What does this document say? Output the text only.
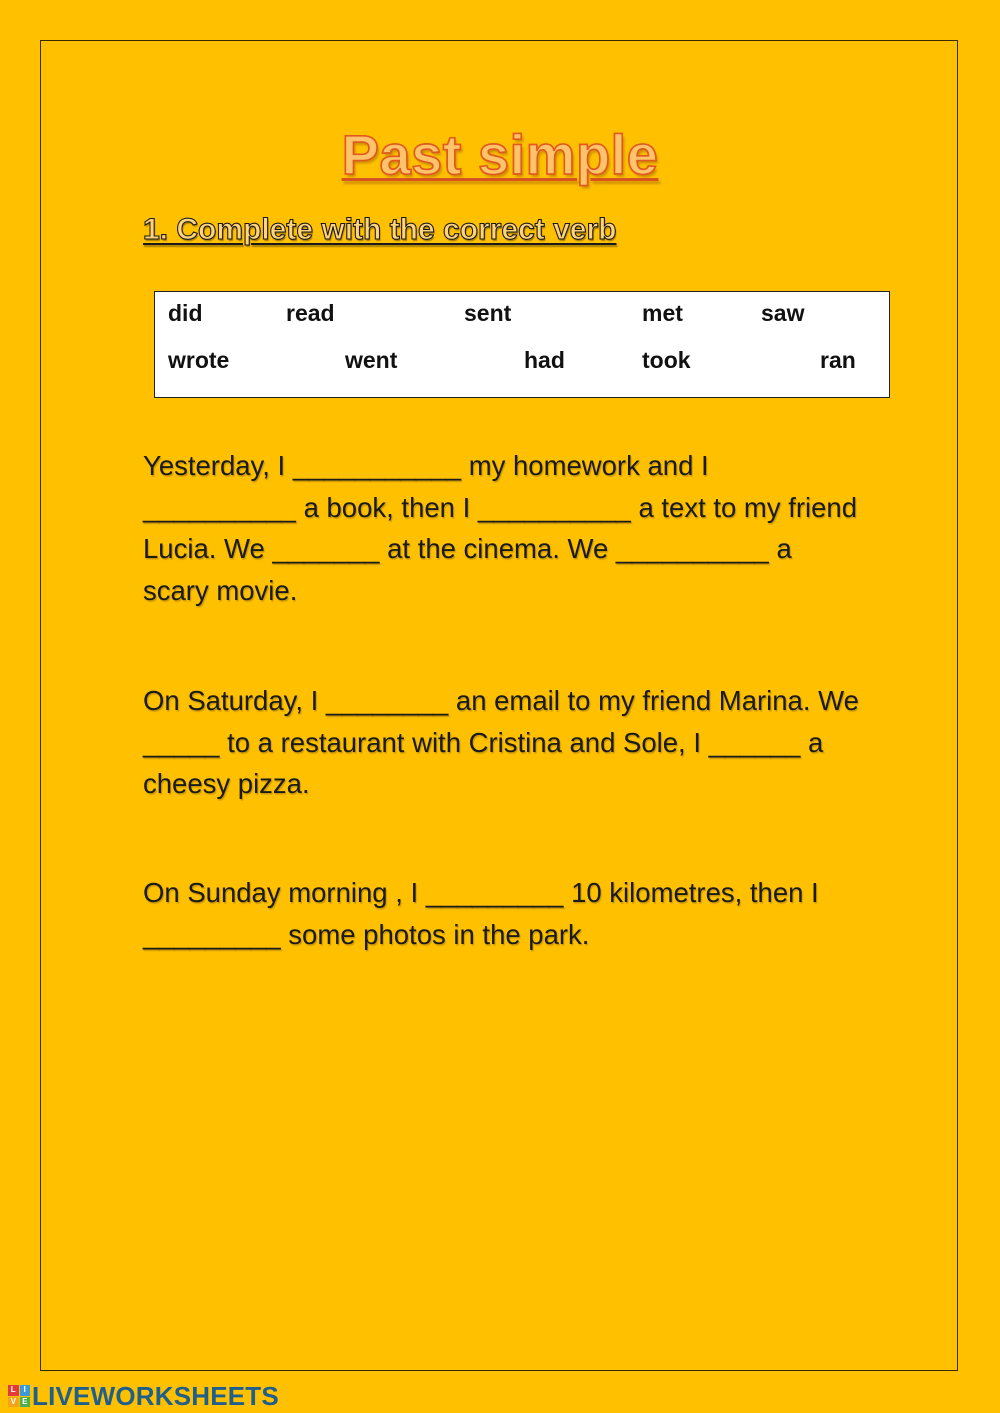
Past simple
1. Complete with the correct verb
did	read	sent	met	saw
wrote	went	had	took	ran

Yesterday, I ___________ my homework and I __________ a book, then I __________ a text to my friend Lucia. We _______ at the cinema. We __________ a scary movie.

On Saturday, I ________ an email to my friend Marina. We _____ to a restaurant with Cristina and Sole, I ______ a cheesy pizza.

On Sunday morning , I _________ 10 kilometres, then I _________ some photos in the park.

L I
V E LIVEWORKSHEETS
